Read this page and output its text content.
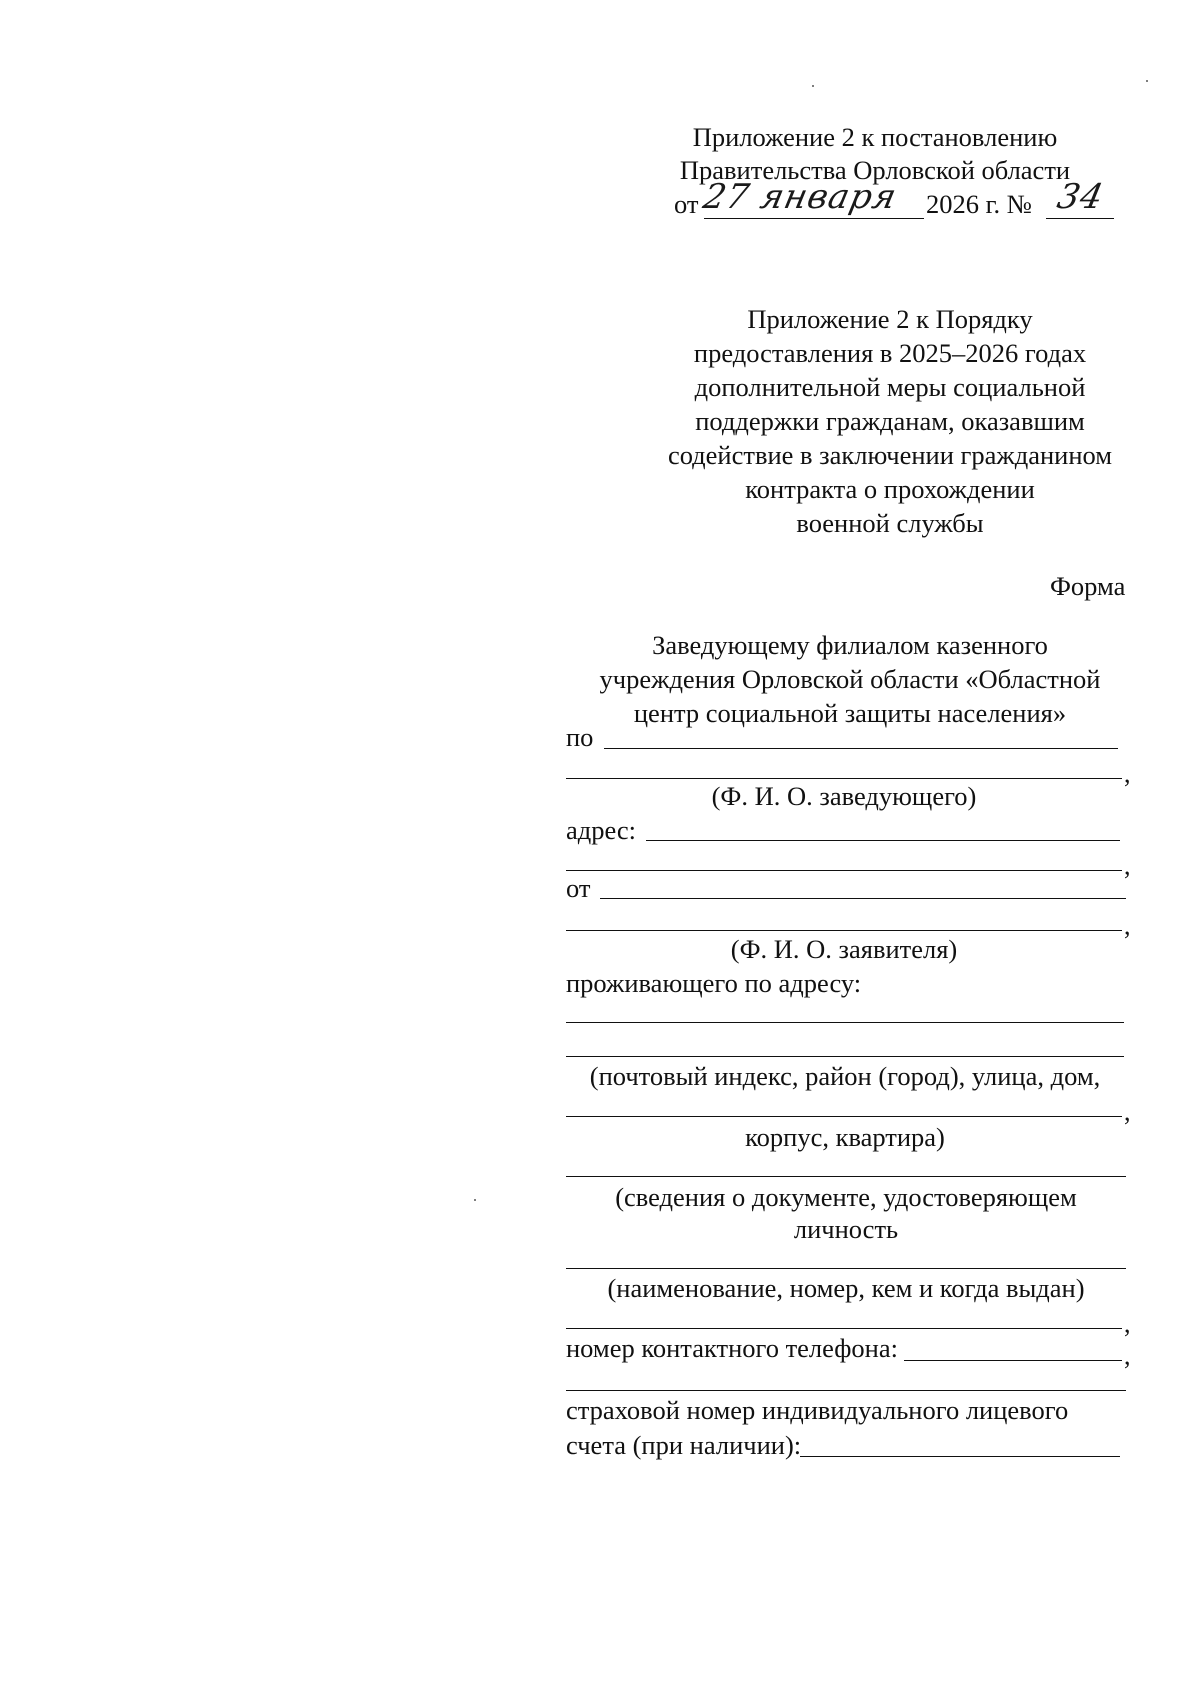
Приложение 2 к постановлению
Правительства Орловской области
от 27 января 2026 г. № 34
Приложение 2 к Порядку
предоставления в 2025–2026 годах
дополнительной меры социальной
поддержки гражданам, оказавшим
содействие в заключении гражданином
контракта о прохождении
военной службы
Форма
Заведующему филиалом казенного
учреждения Орловской области «Областной
центр социальной защиты населения»
по
,
(Ф. И. О. заведующего)
адрес:
,
от
,
(Ф. И. О. заявителя)
проживающего по адресу:
(почтовый индекс, район (город), улица, дом,
,
корпус, квартира)
(сведения о документе, удостоверяющем
личность
(наименование, номер, кем и когда выдан)
,
номер контактного телефона:	,
страховой номер индивидуального лицевого
счета (при наличии):
